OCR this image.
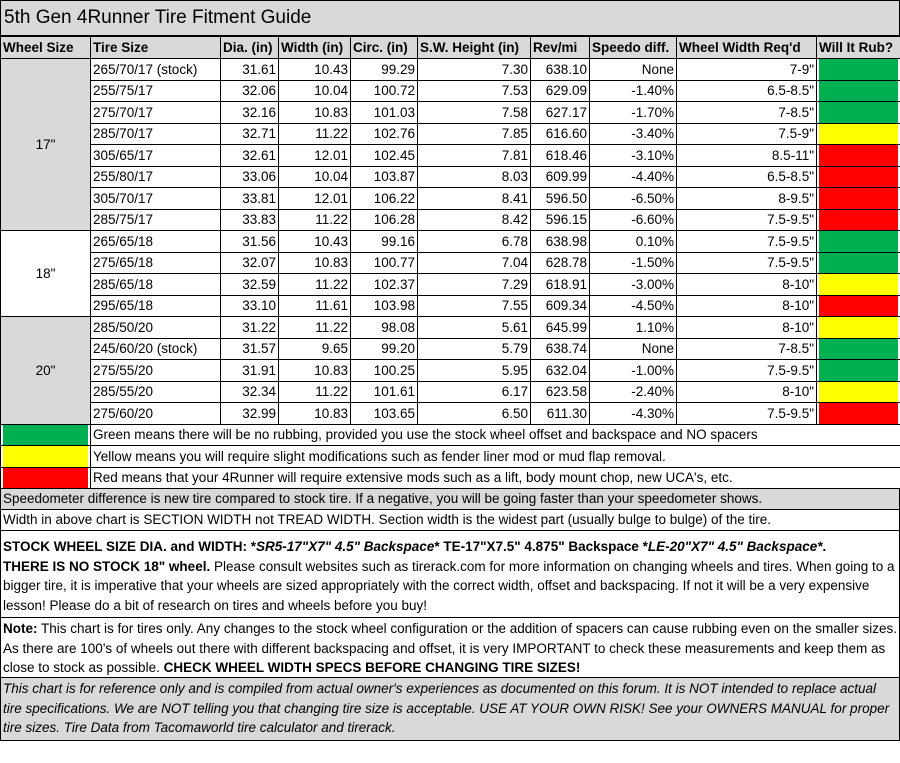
5th Gen 4Runner Tire Fitment Guide
Wheel Size	Tire Size	Dia. (in)	Width (in)	Circ. (in)	S.W. Height (in)	Rev/mi	Speedo diff.	Wheel Width Req'd	Will It Rub?
17"	265/70/17 (stock)	31.61	10.43	99.29	7.30	638.10	None	7-9"	

	255/75/17	32.06	10.04	100.72	7.53	629.09	-1.40%	6.5-8.5"	

	275/70/17	32.16	10.83	101.03	7.58	627.17	-1.70%	7-8.5"	

	285/70/17	32.71	11.22	102.76	7.85	616.60	-3.40%	7.5-9"	

	305/65/17	32.61	12.01	102.45	7.81	618.46	-3.10%	8.5-11"	

	255/80/17	33.06	10.04	103.87	8.03	609.99	-4.40%	6.5-8.5"	

	305/70/17	33.81	12.01	106.22	8.41	596.50	-6.50%	8-9.5"	

	285/75/17	33.83	11.22	106.28	8.42	596.15	-6.60%	7.5-9.5"	

18"	265/65/18	31.56	10.43	99.16	6.78	638.98	0.10%	7.5-9.5"	

	275/65/18	32.07	10.83	100.77	7.04	628.78	-1.50%	7.5-9.5"	

	285/65/18	32.59	11.22	102.37	7.29	618.91	-3.00%	8-10"	

	295/65/18	33.10	11.61	103.98	7.55	609.34	-4.50%	8-10"	

20"	285/50/20	31.22	11.22	98.08	5.61	645.99	1.10%	8-10"	

	245/60/20 (stock)	31.57	9.65	99.20	5.79	638.74	None	7-8.5"	

	275/55/20	31.91	10.83	100.25	5.95	632.04	-1.00%	7.5-9.5"	

	285/55/20	32.34	11.22	101.61	6.17	623.58	-2.40%	8-10"	

	275/60/20	32.99	10.83	103.65	6.50	611.30	-4.30%	7.5-9.5"	

	Green means there will be no rubbing, provided you use the stock wheel offset and backspace and NO spacers								

	Yellow means you will require slight modifications such as fender liner mod or mud flap removal.								

	Red means that your 4Runner will require extensive mods such as a lift, body mount chop, new UCA's, etc.								
Speedometer difference is new tire compared to stock tire. If a negative, you will be going faster than your speedometer shows.
Width in above chart is SECTION WIDTH not TREAD WIDTH. Section width is the widest part (usually bulge to bulge) of the tire.
STOCK WHEEL SIZE DIA. and WIDTH: *SR5-17"X7" 4.5" Backspace* TE-17"X7.5" 4.875" Backspace *LE-20"X7" 4.5" Backspace*.
THERE IS NO STOCK 18" wheel. Please consult websites such as tirerack.com for more information on changing wheels and tires. When going to a bigger tire, it is imperative that your wheels are sized appropriately with the correct width, offset and backspacing. If not it will be a very expensive lesson! Please do a bit of research on tires and wheels before you buy!
Note: This chart is for tires only. Any changes to the stock wheel configuration or the addition of spacers can cause rubbing even on the smaller sizes. As there are 100's of wheels out there with different backspacing and offset, it is very IMPORTANT to check these measurements and keep them as close to stock as possible. CHECK WHEEL WIDTH SPECS BEFORE CHANGING TIRE SIZES!
This chart is for reference only and is compiled from actual owner's experiences as documented on this forum. It is NOT intended to replace actual tire specifications. We are NOT telling you that changing tire size is acceptable. USE AT YOUR OWN RISK! See your OWNERS MANUAL for proper tire sizes. Tire Data from Tacomaworld tire calculator and tirerack.
